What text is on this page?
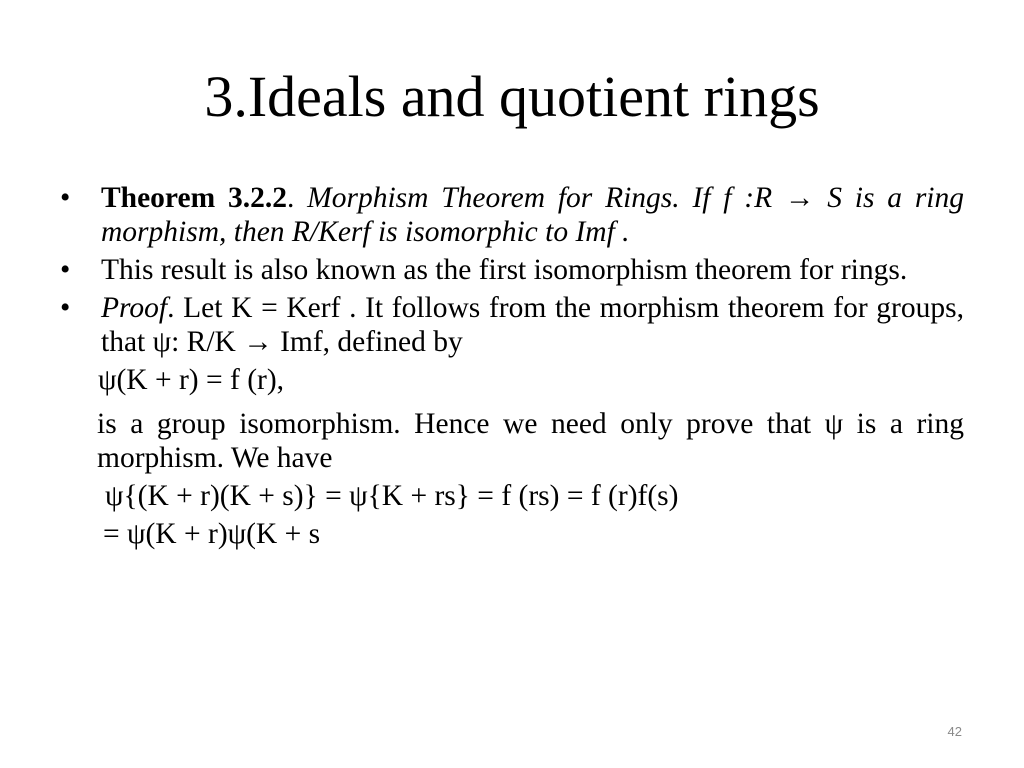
3.Ideals and quotient rings
• Theorem 3.2.2. Morphism Theorem for Rings. If f :R → S is a ring morphism, then R/Kerf is isomorphic to Imf .
• This result is also known as the first isomorphism theorem for rings.
• Proof. Let K = Kerf . It follows from the morphism theorem for groups, that ψ: R/K → Imf, defined by
ψ(K + r) = f (r),
is a group isomorphism. Hence we need only prove that ψ is a ring morphism. We have
ψ{(K + r)(K + s)} = ψ{K + rs} = f (rs) = f (r)f(s)
= ψ(K + r)ψ(K + s
42
